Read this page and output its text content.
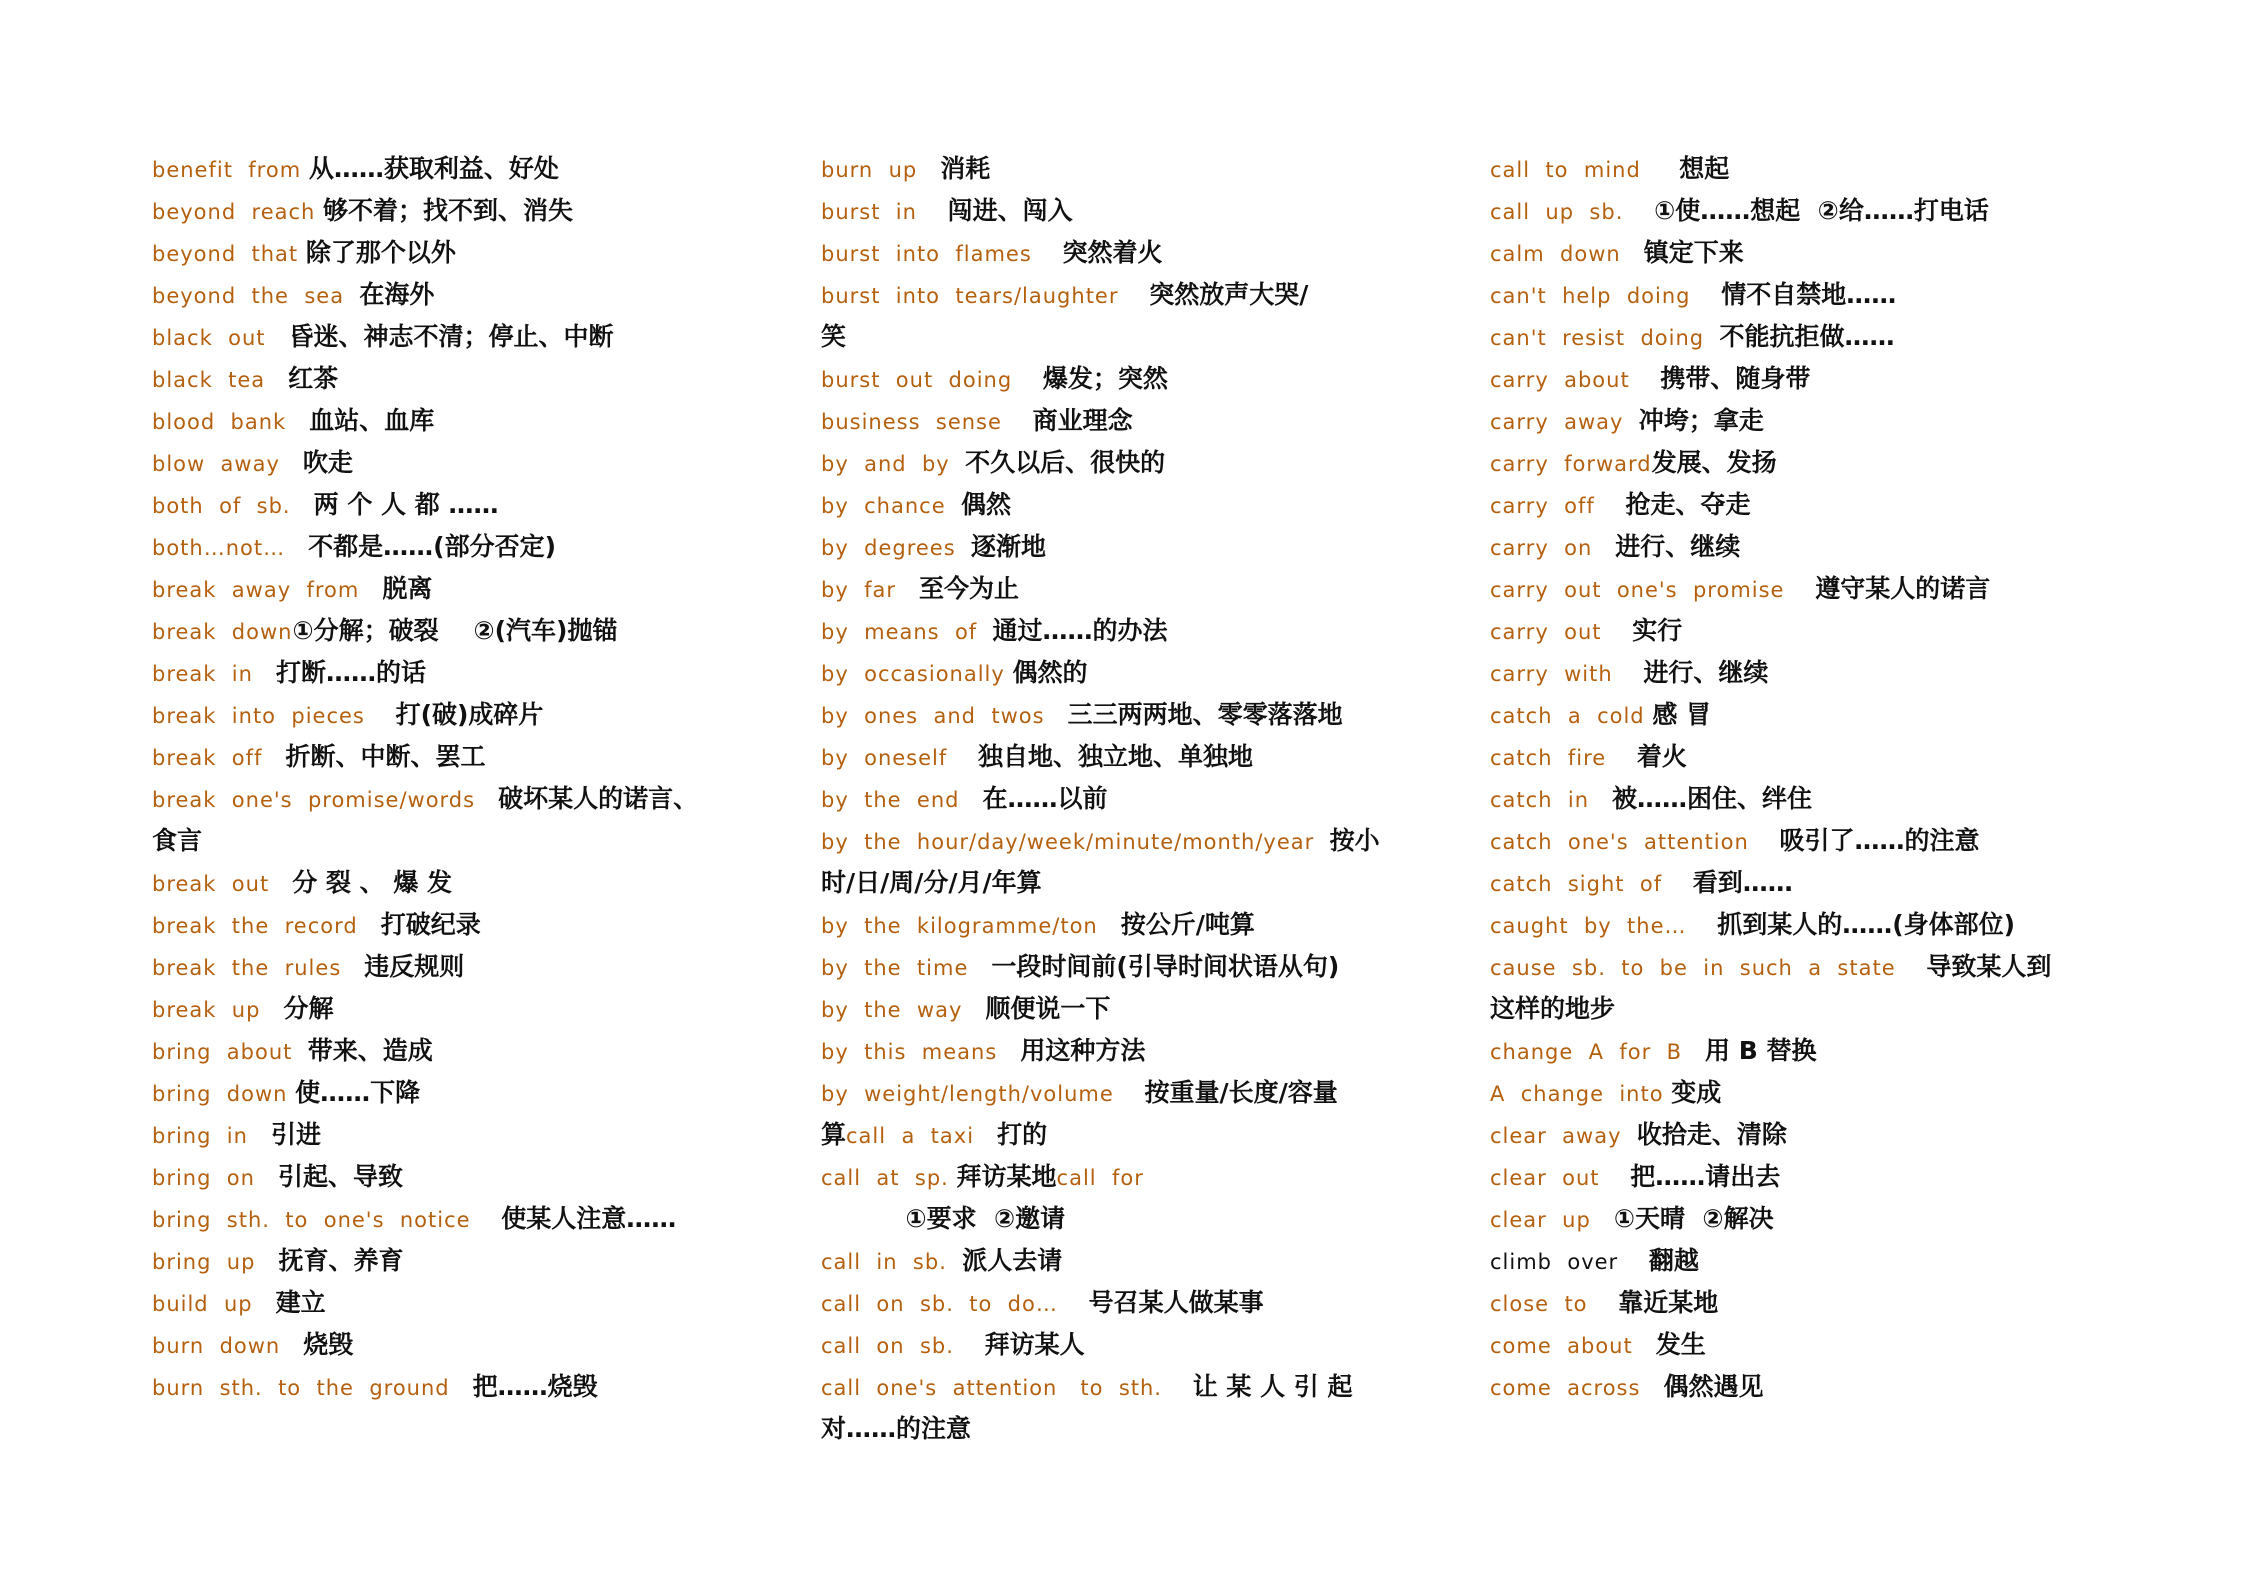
benefit  from 从……获取利益、好处
beyond  reach 够不着；找不到、消失
beyond  that 除了那个以外
beyond  the  sea  在海外
black  out   昏迷、神志不清；停止、中断
black  tea   红茶
blood  bank   血站、血库
blow  away   吹走
both  of  sb.   两 个 人 都 ……
both…not…   不都是……(部分否定)
break  away  from   脱离
break  down①分解；破裂    ②(汽车)抛锚
break  in   打断……的话
break  into  pieces    打(破)成碎片
break  off   折断、中断、罢工
break  one's  promise/words   破坏某人的诺言、
食言
break  out   分 裂 、 爆 发
break  the  record   打破纪录
break  the  rules   违反规则
break  up   分解
bring  about  带来、造成
bring  down 使……下降
bring  in   引进
bring  on   引起、导致
bring  sth.  to  one's  notice    使某人注意……
bring  up   抚育、养育
build  up   建立
burn  down   烧毁
burn  sth.  to  the  ground   把……烧毁
burn  up   消耗
burst  in    闯进、闯入
burst  into  flames    突然着火
burst  into  tears/laughter    突然放声大哭/
笑
burst  out  doing    爆发；突然
business  sense    商业理念
by  and  by  不久以后、很快的
by  chance  偶然
by  degrees  逐渐地
by  far   至今为止
by  means  of  通过……的办法
by  occasionally 偶然的
by  ones  and  twos   三三两两地、零零落落地
by  oneself    独自地、独立地、单独地
by  the  end   在……以前
by  the  hour/day/week/minute/month/year  按小
时/日/周/分/月/年算
by  the  kilogramme/ton   按公斤/吨算
by  the  time   一段时间前(引导时间状语从句)
by  the  way   顺便说一下
by  this  means   用这种方法
by  weight/length/volume    按重量/长度/容量
算call  a  taxi   打的
call  at  sp. 拜访某地call  for
①要求  ②邀请
call  in  sb.  派人去请
call  on  sb.  to  do…    号召某人做某事
call  on  sb.    拜访某人
call  one's  attention   to  sth.    让 某 人 引 起
对……的注意
call  to  mind     想起
call  up  sb.    ①使……想起  ②给……打电话
calm  down   镇定下来
can't  help  doing    情不自禁地……
can't  resist  doing  不能抗拒做……
carry  about    携带、随身带
carry  away  冲垮；拿走
carry  forward发展、发扬
carry  off    抢走、夺走
carry  on   进行、继续
carry  out  one's  promise    遵守某人的诺言
carry  out    实行
carry  with    进行、继续
catch  a  cold 感 冒
catch  fire    着火
catch  in   被……困住、绊住
catch  one's  attention    吸引了……的注意
catch  sight  of    看到……
caught  by  the…    抓到某人的……(身体部位)
cause  sb.  to  be  in  such  a  state    导致某人到
这样的地步
change  A  for  B   用 B 替换
A  change  into 变成
clear  away  收拾走、清除
clear  out    把……请出去
clear  up   ①天晴  ②解决
climb  over    翻越
close  to    靠近某地
come  about   发生
come  across   偶然遇见
